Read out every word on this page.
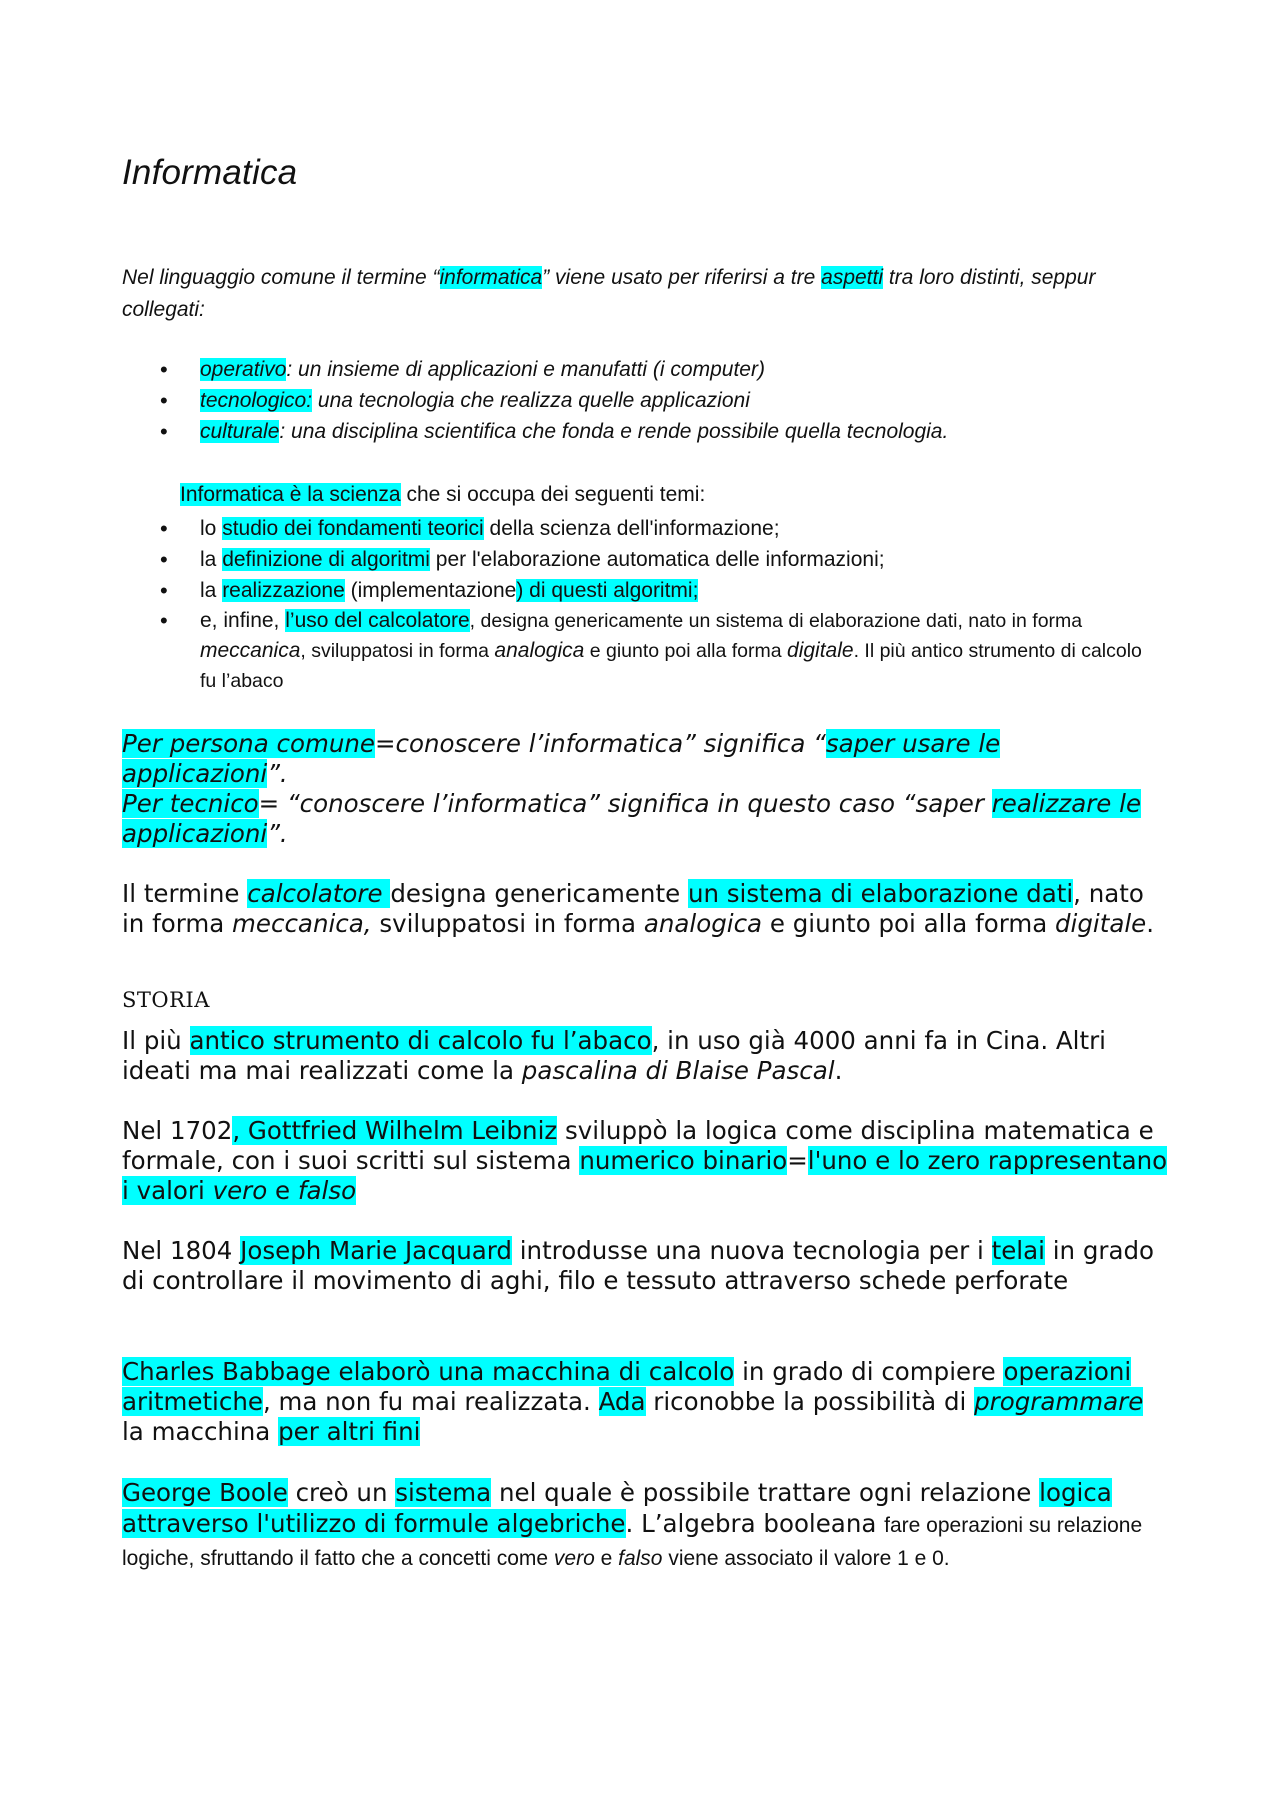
Informatica
Nel linguaggio comune il termine “informatica” viene usato per riferirsi a tre aspetti tra loro distinti, seppur collegati:
• operativo: un insieme di applicazioni e manufatti (i computer)
• tecnologico: una tecnologia che realizza quelle applicazioni
• culturale: una disciplina scientifica che fonda e rende possibile quella tecnologia.
Informatica è la scienza che si occupa dei seguenti temi:
• lo studio dei fondamenti teorici della scienza dell'informazione;
• la definizione di algoritmi per l'elaborazione automatica delle informazioni;
• la realizzazione (implementazione) di questi algoritmi;
• e, infine, l’uso del calcolatore, designa genericamente un sistema di elaborazione dati, nato in forma meccanica, sviluppatosi in forma analogica e giunto poi alla forma digitale. Il più antico strumento di calcolo fu l’abaco
Per persona comune=conoscere l’informatica” significa “saper usare le applicazioni”.
Per tecnico= “conoscere l’informatica” significa in questo caso “saper realizzare le applicazioni”.
Il termine calcolatore designa genericamente un sistema di elaborazione dati, nato in forma meccanica, sviluppatosi in forma analogica e giunto poi alla forma digitale.
STORIA
Il più antico strumento di calcolo fu l’abaco, in uso già 4000 anni fa in Cina. Altri ideati ma mai realizzati come la pascalina di Blaise Pascal.
Nel 1702, Gottfried Wilhelm Leibniz sviluppò la logica come disciplina matematica e formale, con i suoi scritti sul sistema numerico binario=l'uno e lo zero rappresentano i valori vero e falso
Nel 1804 Joseph Marie Jacquard introdusse una nuova tecnologia per i telai in grado di controllare il movimento di aghi, filo e tessuto attraverso schede perforate
Charles Babbage elaborò una macchina di calcolo in grado di compiere operazioni aritmetiche, ma non fu mai realizzata. Ada riconobbe la possibilità di programmare la macchina per altri fini
George Boole creò un sistema nel quale è possibile trattare ogni relazione logica attraverso l'utilizzo di formule algebriche. L’algebra booleana fare operazioni su relazione logiche, sfruttando il fatto che a concetti come vero e falso viene associato il valore 1 e 0.
